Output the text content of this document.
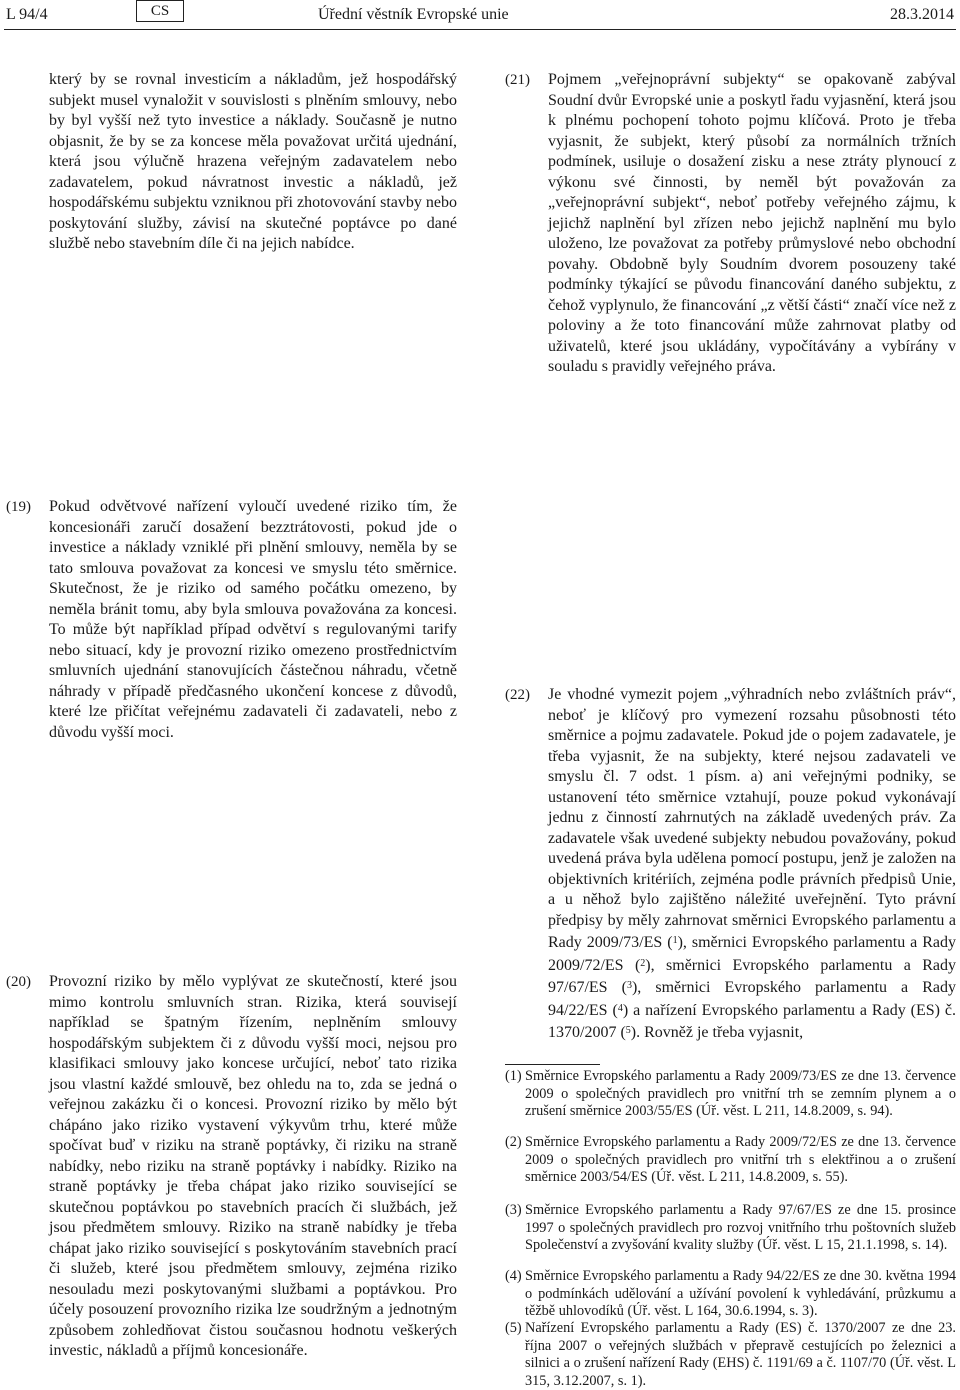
L 94/4	CS	Úřední věstník Evropské unie	28.3.2014

který by se rovnal investicím a nákladům, jež hospodářský subjekt musel vynaložit v souvislosti s plněním smlouvy, nebo by byl vyšší než tyto investice a náklady. Současně je nutno objasnit, že by se za koncese měla považovat určitá ujednání, která jsou výlučně hrazena veřejným zadavatelem nebo zadavatelem, pokud návratnost investic a nákladů, jež hospodářskému subjektu vzniknou při zhotovování stavby nebo poskytování služby, závisí na skutečné poptávce po dané službě nebo stavebním díle či na jejich nabídce.

(19) Pokud odvětvové nařízení vyloučí uvedené riziko tím, že koncesionáři zaručí dosažení bezztrátovosti, pokud jde o investice a náklady vzniklé při plnění smlouvy, neměla by se tato smlouva považovat za koncesi ve smyslu této směrnice. Skutečnost, že je riziko od samého počátku omezeno, by neměla bránit tomu, aby byla smlouva považována za koncesi. To může být například případ odvětví s regulovanými tarify nebo situací, kdy je provozní riziko omezeno prostřednictvím smluvních ujednání stanovujících částečnou náhradu, včetně náhrady v případě předčasného ukončení koncese z důvodů, které lze přičítat veřejnému zadavateli či zadavateli, nebo z důvodu vyšší moci.

(20) Provozní riziko by mělo vyplývat ze skutečností, které jsou mimo kontrolu smluvních stran. Rizika, která souvisejí například se špatným řízením, neplněním smlouvy hospodářským subjektem či z důvodu vyšší moci, nejsou pro klasifikaci smlouvy jako koncese určující, neboť tato rizika jsou vlastní každé smlouvě, bez ohledu na to, zda se jedná o veřejnou zakázku či o koncesi. Provozní riziko by mělo být chápáno jako riziko vystavení výkyvům trhu, které může spočívat buď v riziku na straně poptávky, či riziku na straně nabídky, nebo riziku na straně poptávky i nabídky. Riziko na straně poptávky je třeba chápat jako riziko související se skutečnou poptávkou po stavebních pracích či službách, jež jsou předmětem smlouvy. Riziko na straně nabídky je třeba chápat jako riziko související s poskytováním stavebních prací či služeb, které jsou předmětem smlouvy, zejména riziko nesouladu mezi poskytovanými službami a poptávkou. Pro účely posouzení provozního rizika lze soudržným a jednotným způsobem zohledňovat čistou současnou hodnotu veškerých investic, nákladů a příjmů koncesionáře.

(21) Pojmem „veřejnoprávní subjekty“ se opakovaně zabýval Soudní dvůr Evropské unie a poskytl řadu vyjasnění, která jsou k plnému pochopení tohoto pojmu klíčová. Proto je třeba vyjasnit, že subjekt, který působí za normálních tržních podmínek, usiluje o dosažení zisku a nese ztráty plynoucí z výkonu své činnosti, by neměl být považován za „veřejnoprávní subjekt“, neboť potřeby veřejného zájmu, k jejichž naplnění byl zřízen nebo jejichž naplnění mu bylo uloženo, lze považovat za potřeby průmyslové nebo obchodní povahy. Obdobně byly Soudním dvorem posouzeny také podmínky týkající se původu financování daného subjektu, z čehož vyplynulo, že financování „z větší části“ značí více než z poloviny a že toto financování může zahrnovat platby od uživatelů, které jsou ukládány, vypočítávány a vybírány v souladu s pravidly veřejného práva.

(22) Je vhodné vymezit pojem „výhradních nebo zvláštních práv“, neboť je klíčový pro vymezení rozsahu působnosti této směrnice a pojmu zadavatele. Pokud jde o pojem zadavatele, je třeba vyjasnit, že na subjekty, které nejsou zadavateli ve smyslu čl. 7 odst. 1 písm. a) ani veřejnými podniky, se ustanovení této směrnice vztahují, pouze pokud vykonávají jednu z činností zahrnutých na základě uvedených práv. Za zadavatele však uvedené subjekty nebudou považovány, pokud uvedená práva byla udělena pomocí postupu, jenž je založen na objektivních kritériích, zejména podle právních předpisů Unie, a u něhož bylo zajištěno náležité uveřejnění. Tyto právní předpisy by měly zahrnovat směrnici Evropského parlamentu a Rady 2009/73/ES ($^1$), směrnici Evropského parlamentu a Rady 2009/72/ES ($^2$), směrnici Evropského parlamentu a Rady 97/67/ES ($^3$), směrnici Evropského parlamentu a Rady 94/22/ES ($^4$) a nařízení Evropského parlamentu a Rady (ES) č. 1370/2007 ($^5$). Rovněž je třeba vyjasnit,

(1) Směrnice Evropského parlamentu a Rady 2009/73/ES ze dne 13. července 2009 o společných pravidlech pro vnitřní trh se zemním plynem a o zrušení směrnice 2003/55/ES (Úř. věst. L 211, 14.8.2009, s. 94).

(2) Směrnice Evropského parlamentu a Rady 2009/72/ES ze dne 13. července 2009 o společných pravidlech pro vnitřní trh s elektřinou a o zrušení směrnice 2003/54/ES (Úř. věst. L 211, 14.8.2009, s. 55).

(3) Směrnice Evropského parlamentu a Rady 97/67/ES ze dne 15. prosince 1997 o společných pravidlech pro rozvoj vnitřního trhu poštovních služeb Společenství a zvyšování kvality služby (Úř. věst. L 15, 21.1.1998, s. 14).

(4) Směrnice Evropského parlamentu a Rady 94/22/ES ze dne 30. května 1994 o podmínkách udělování a užívání povolení k vyhledávání, průzkumu a těžbě uhlovodíků (Úř. věst. L 164, 30.6.1994, s. 3).

(5) Nařízení Evropského parlamentu a Rady (ES) č. 1370/2007 ze dne 23. října 2007 o veřejných službách v přepravě cestujících po železnici a silnici a o zrušení nařízení Rady (EHS) č. 1191/69 a č. 1107/70 (Úř. věst. L 315, 3.12.2007, s. 1).
